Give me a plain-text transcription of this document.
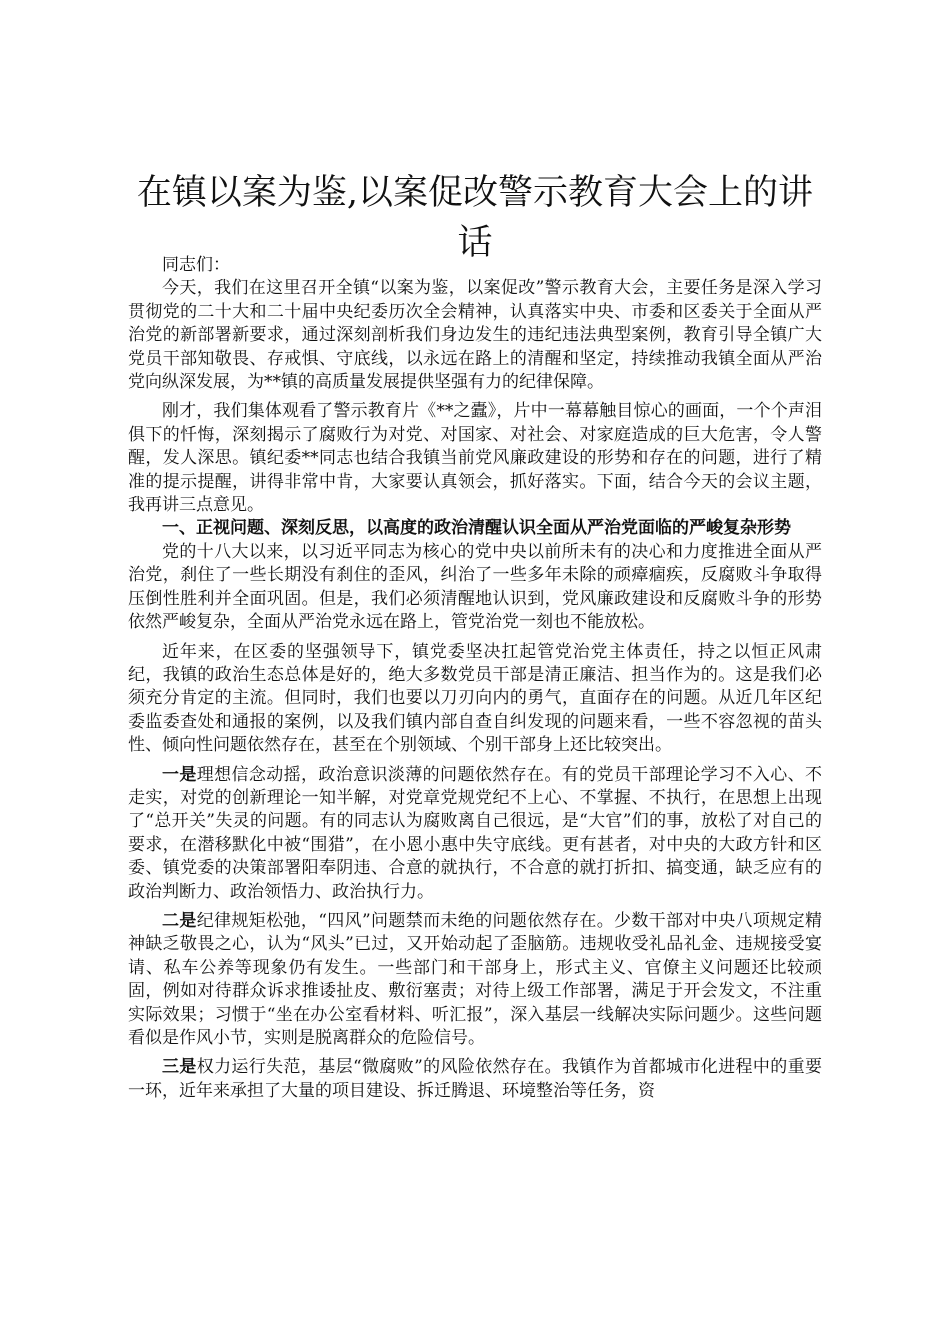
在镇以案为鉴,以案促改警示教育大会上的讲话

同志们：

今天，我们在这里召开全镇“以案为鉴，以案促改”警示教育大会，主要任务是深入学习贯彻党的二十大和二十届中央纪委历次全会精神，认真落实中央、市委和区委关于全面从严治党的新部署新要求，通过深刻剖析我们身边发生的违纪违法典型案例，教育引导全镇广大党员干部知敬畏、存戒惧、守底线，以永远在路上的清醒和坚定，持续推动我镇全面从严治党向纵深发展，为**镇的高质量发展提供坚强有力的纪律保障。

刚才，我们集体观看了警示教育片《**之蠹》，片中一幕幕触目惊心的画面，一个个声泪俱下的忏悔，深刻揭示了腐败行为对党、对国家、对社会、对家庭造成的巨大危害，令人警醒，发人深思。镇纪委**同志也结合我镇当前党风廉政建设的形势和存在的问题，进行了精准的提示提醒，讲得非常中肯，大家要认真领会，抓好落实。下面，结合今天的会议主题，我再讲三点意见。

一、正视问题、深刻反思，以高度的政治清醒认识全面从严治党面临的严峻复杂形势

党的十八大以来，以习近平同志为核心的党中央以前所未有的决心和力度推进全面从严治党，刹住了一些长期没有刹住的歪风，纠治了一些多年未除的顽瘴痼疾，反腐败斗争取得压倒性胜利并全面巩固。但是，我们必须清醒地认识到，党风廉政建设和反腐败斗争的形势依然严峻复杂，全面从严治党永远在路上，管党治党一刻也不能放松。

近年来，在区委的坚强领导下，镇党委坚决扛起管党治党主体责任，持之以恒正风肃纪，我镇的政治生态总体是好的，绝大多数党员干部是清正廉洁、担当作为的。这是我们必须充分肯定的主流。但同时，我们也要以刀刃向内的勇气，直面存在的问题。从近几年区纪委监委查处和通报的案例，以及我们镇内部自查自纠发现的问题来看，一些不容忽视的苗头性、倾向性问题依然存在，甚至在个别领域、个别干部身上还比较突出。

一是理想信念动摇，政治意识淡薄的问题依然存在。有的党员干部理论学习不入心、不走实，对党的创新理论一知半解，对党章党规党纪不上心、不掌握、不执行，在思想上出现了“总开关”失灵的问题。有的同志认为腐败离自己很远，是“大官”们的事，放松了对自己的要求，在潜移默化中被“围猎”，在小恩小惠中失守底线。更有甚者，对中央的大政方针和区委、镇党委的决策部署阳奉阴违、合意的就执行，不合意的就打折扣、搞变通，缺乏应有的政治判断力、政治领悟力、政治执行力。

二是纪律规矩松弛，“四风”问题禁而未绝的问题依然存在。少数干部对中央八项规定精神缺乏敬畏之心，认为“风头”已过，又开始动起了歪脑筋。违规收受礼品礼金、违规接受宴请、私车公养等现象仍有发生。一些部门和干部身上，形式主义、官僚主义问题还比较顽固，例如对待群众诉求推诿扯皮、敷衍塞责；对待上级工作部署，满足于开会发文，不注重实际效果；习惯于“坐在办公室看材料、听汇报”，深入基层一线解决实际问题少。这些问题看似是作风小节，实则是脱离群众的危险信号。

三是权力运行失范，基层“微腐败”的风险依然存在。我镇作为首都城市化进程中的重要一环，近年来承担了大量的项目建设、拆迁腾退、环境整治等任务，资
